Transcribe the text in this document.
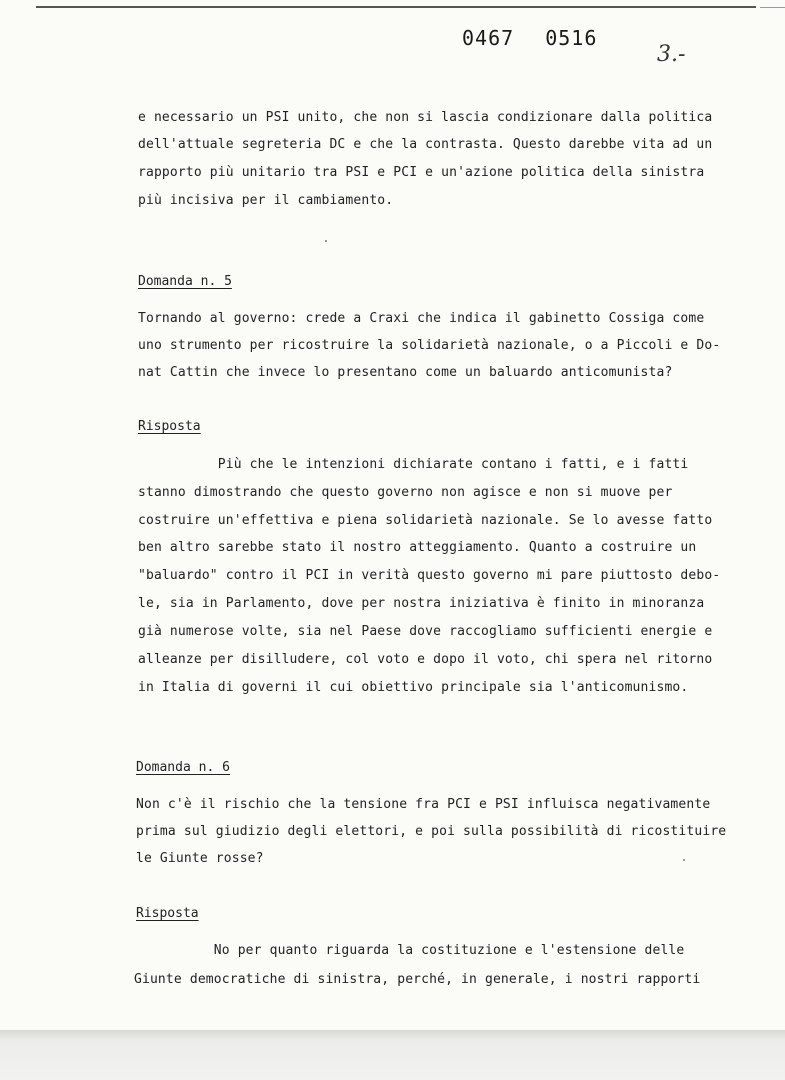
0467 0516
3.-
e necessario un PSI unito, che non si lascia condizionare dalla politica
dell'attuale segreteria DC e che la contrasta. Questo darebbe vita ad un
rapporto più unitario tra PSI e PCI e un'azione politica della sinistra
più incisiva per il cambiamento.
Domanda n. 5
Tornando al governo: crede a Craxi che indica il gabinetto Cossiga come
uno strumento per ricostruire la solidarietà nazionale, o a Piccoli e Do-
nat Cattin che invece lo presentano come un baluardo anticomunista?
Risposta
Più che le intenzioni dichiarate contano i fatti, e i fatti
stanno dimostrando che questo governo non agisce e non si muove per
costruire un'effettiva e piena solidarietà nazionale. Se lo avesse fatto
ben altro sarebbe stato il nostro atteggiamento. Quanto a costruire un
"baluardo" contro il PCI in verità questo governo mi pare piuttosto debo-
le, sia in Parlamento, dove per nostra iniziativa è finito in minoranza
già numerose volte, sia nel Paese dove raccogliamo sufficienti energie e
alleanze per disilludere, col voto e dopo il voto, chi spera nel ritorno
in Italia di governi il cui obiettivo principale sia l'anticomunismo.
Domanda n. 6
Non c'è il rischio che la tensione fra PCI e PSI influisca negativamente
prima sul giudizio degli elettori, e poi sulla possibilità di ricostituire
le Giunte rosse?
Risposta
No per quanto riguarda la costituzione e l'estensione delle
Giunte democratiche di sinistra, perché, in generale, i nostri rapporti
